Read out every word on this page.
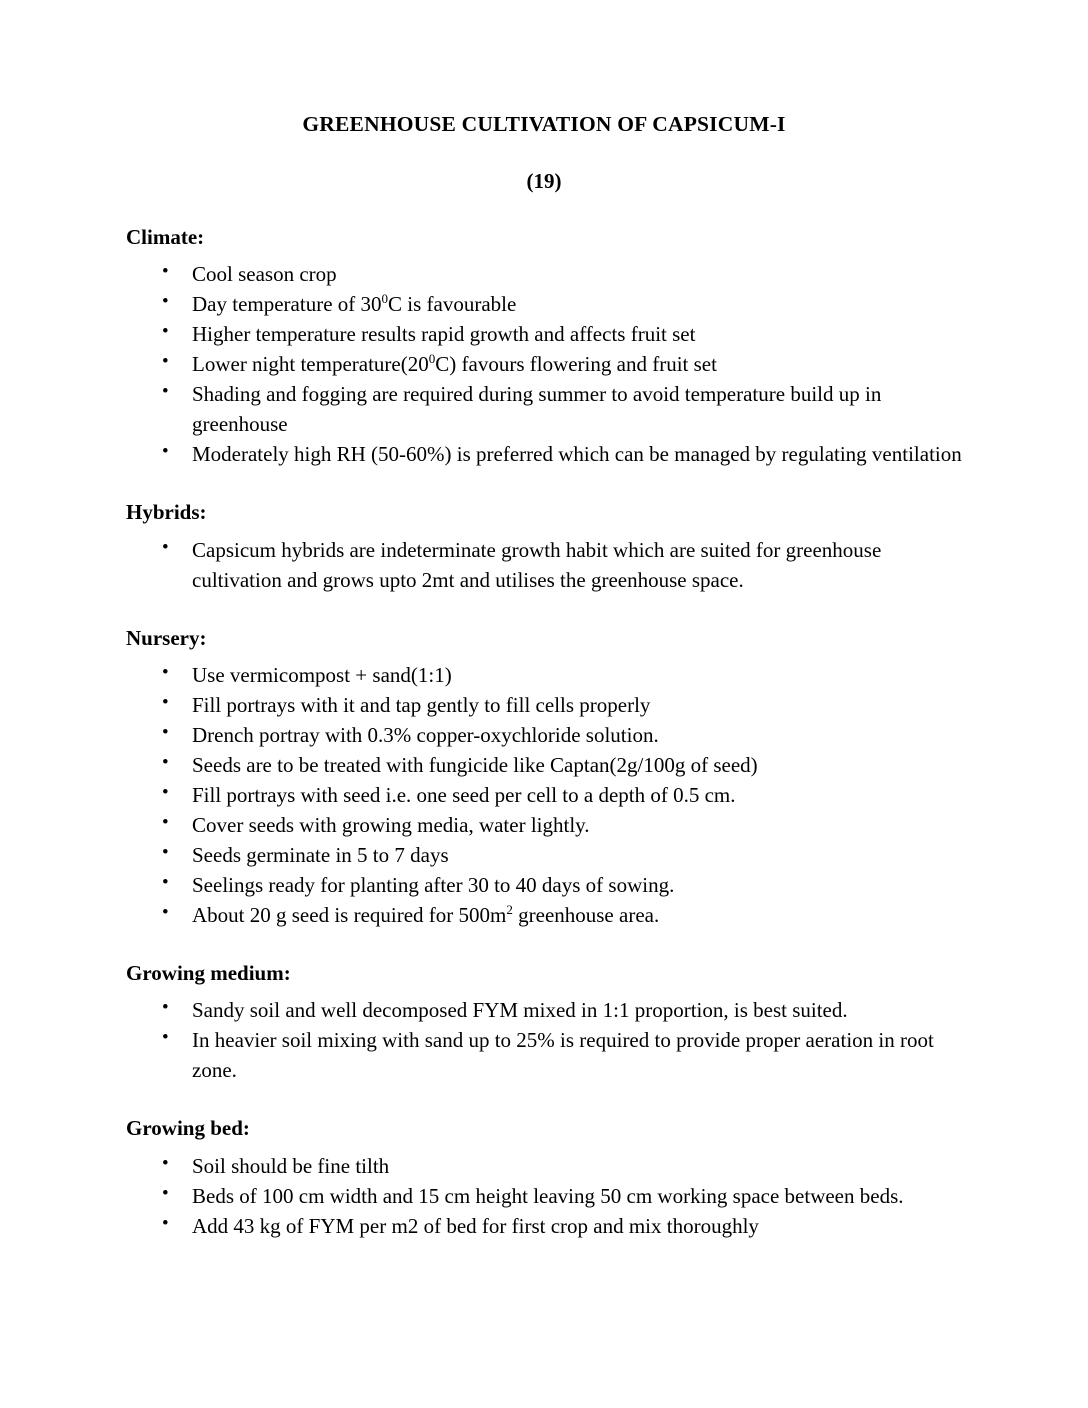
GREENHOUSE CULTIVATION OF CAPSICUM-I
(19)
Climate:
• Cool season crop
• Day temperature of $30^0C$ is favourable
• Higher temperature results rapid growth and affects fruit set
• Lower night $temperature(20^0C)$ favours flowering and fruit set
• Shading and fogging are required during summer to avoid temperature build up in greenhouse
• Moderately high RH (50-60%) is preferred which can be managed by regulating ventilation
Hybrids:
• Capsicum hybrids are indeterminate growth habit which are suited for greenhouse cultivation and grows upto 2mt and utilises the greenhouse space.
Nursery:
• Use vermicompost + sand(1:1)
• Fill portrays with it and tap gently to fill cells properly
• Drench portray with 0.3% copper-oxychloride solution.
• Seeds are to be treated with fungicide like Captan(2g/100g of seed)
• Fill portrays with seed i.e. one seed per cell to a depth of 0.5 cm.
• Cover seeds with growing media, water lightly.
• Seeds germinate in 5 to 7 days
• Seelings ready for planting after 30 to 40 days of sowing.
• About 20 g seed is required for $500m^2$ greenhouse area.
Growing medium:
• Sandy soil and well decomposed FYM mixed in 1:1 proportion, is best suited.
• In heavier soil mixing with sand up to 25% is required to provide proper aeration in root zone.
Growing bed:
• Soil should be fine tilth
• Beds of 100 cm width and 15 cm height leaving 50 cm working space between beds.
• Add 43 kg of FYM per m2 of bed for first crop and mix thoroughly
